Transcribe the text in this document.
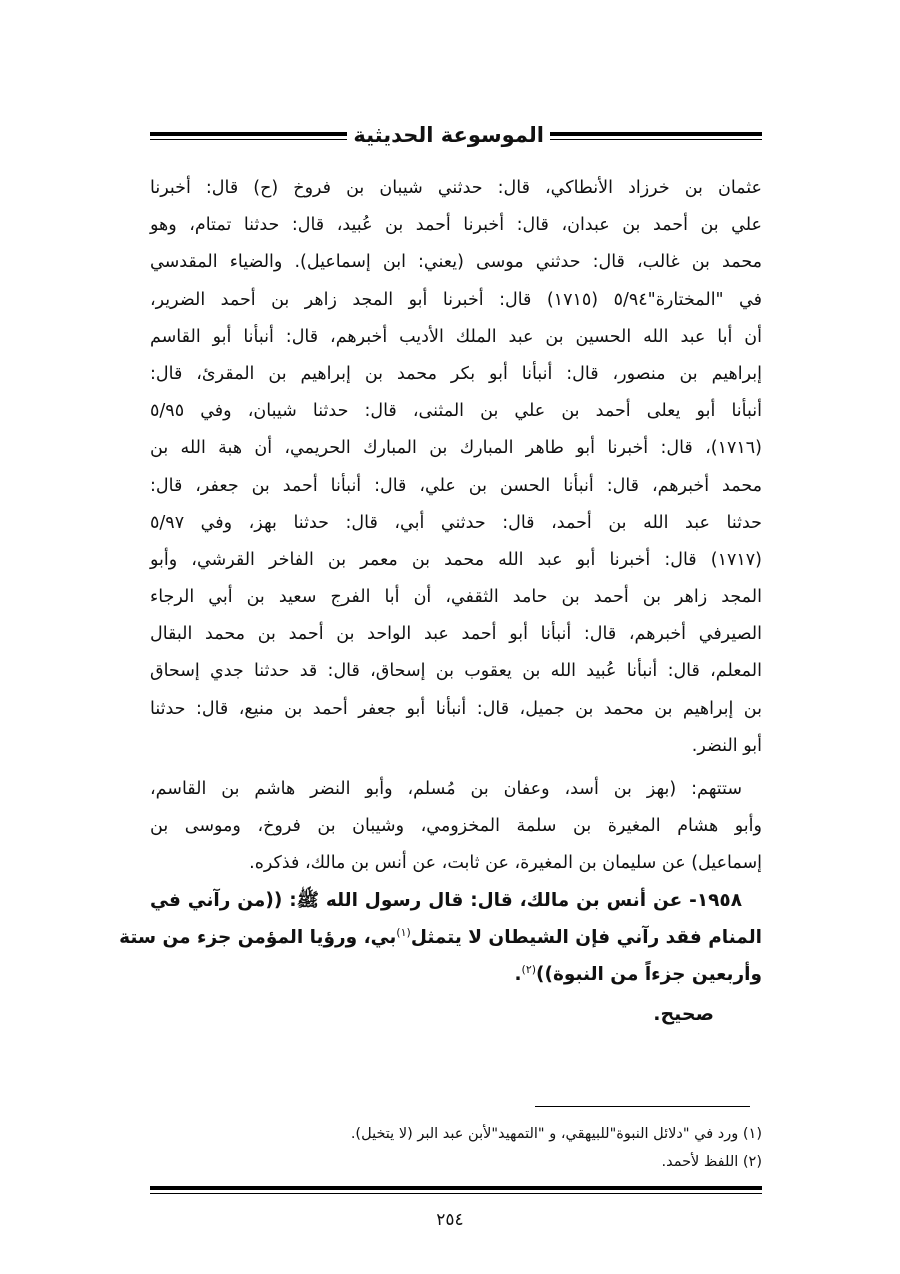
الموسوعة الحديثية
عثمان بن خرزاد الأنطاكي، قال: حدثني شيبان بن فروخ (ح) قال: أخبرنا
علي بن أحمد بن عبدان، قال: أخبرنا أحمد بن عُبيد، قال: حدثنا تمتام، وهو
محمد بن غالب، قال: حدثني موسى (يعني: ابن إسماعيل). والضياء المقدسي
في "المختارة"٥/٩٤ (١٧١٥) قال: أخبرنا أبو المجد زاهر بن أحمد الضرير،
أن أبا عبد الله الحسين بن عبد الملك الأديب أخبرهم، قال: أنبأنا أبو القاسم
إبراهيم بن منصور، قال: أنبأنا أبو بكر محمد بن إبراهيم بن المقرئ، قال:
أنبأنا أبو يعلى أحمد بن علي بن المثنى، قال: حدثنا شيبان، وفي ٥/٩٥
(١٧١٦)، قال: أخبرنا أبو طاهر المبارك بن المبارك الحريمي، أن هبة الله بن
محمد أخبرهم، قال: أنبأنا الحسن بن علي، قال: أنبأنا أحمد بن جعفر، قال:
حدثنا عبد الله بن أحمد، قال: حدثني أبي، قال: حدثنا بهز، وفي ٥/٩٧
(١٧١٧) قال: أخبرنا أبو عبد الله محمد بن معمر بن الفاخر القرشي، وأبو
المجد زاهر بن أحمد بن حامد الثقفي، أن أبا الفرج سعيد بن أبي الرجاء
الصيرفي أخبرهم، قال: أنبأنا أبو أحمد عبد الواحد بن أحمد بن محمد البقال
المعلم، قال: أنبأنا عُبيد الله بن يعقوب بن إسحاق، قال: قد حدثنا جدي إسحاق
بن إبراهيم بن محمد بن جميل، قال: أنبأنا أبو جعفر أحمد بن منيع، قال: حدثنا
أبو النضر.
ستتهم: (بهز بن أسد، وعفان بن مُسلم، وأبو النضر هاشم بن القاسم،
وأبو هشام المغيرة بن سلمة المخزومي، وشيبان بن فروخ، وموسى بن
إسماعيل) عن سليمان بن المغيرة، عن ثابت، عن أنس بن مالك، فذكره.
١٩٥٨- عن أنس بن مالك، قال: قال رسول الله ﷺ: ((من رآني في
المنام فقد رآني فإن الشيطان لا يتمثل$^{(١)}$بي، ورؤيا المؤمن جزء من ستة
وأربعين جزءاً من النبوة))$^{(٢)}$.
صحيح.
(١) ورد في "دلائل النبوة"للبيهقي، و "التمهيد"لأبن عبد البر (لا يتخيل).
(٢) اللفظ لأحمد.
٢٥٤
